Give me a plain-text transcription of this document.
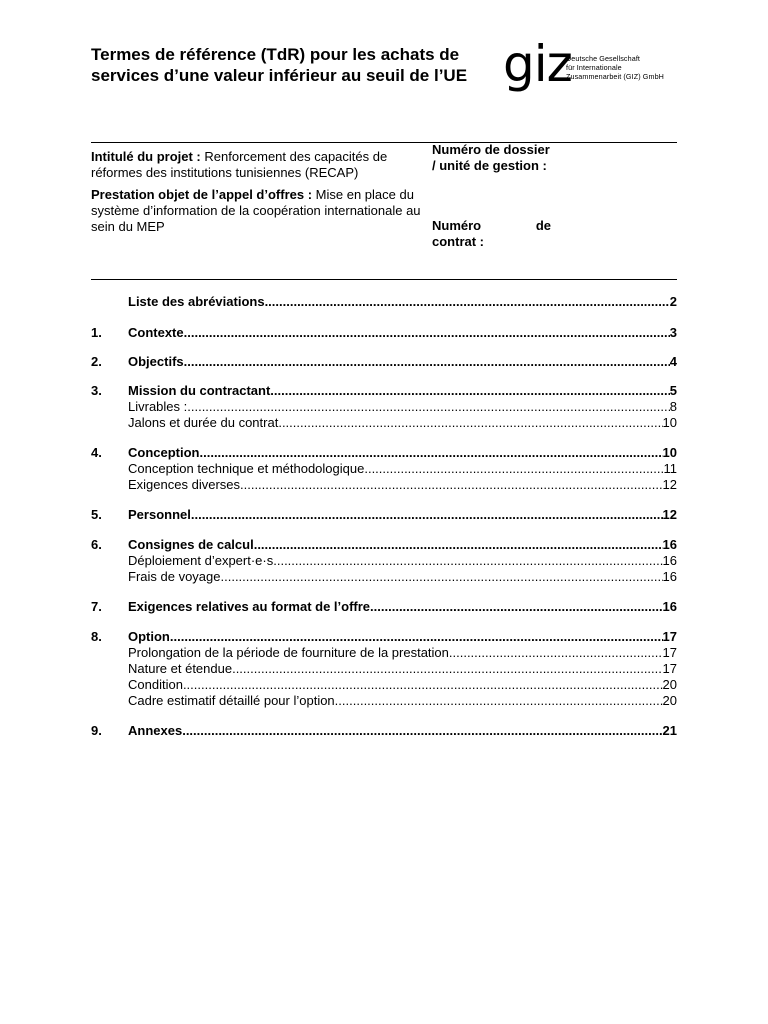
Termes de référence (TdR) pour les achats de services d’une valeur inférieur au seuil de l’UE giz
Deutsche Gesellschaft
für Internationale
Zusammenarbeit (GIZ) GmbH

Intitulé du projet : Renforcement des capacités de réformes des institutions tunisiennes (RECAP)

Prestation objet de l’appel d’offres : Mise en place du système d’information de la coopération internationale au sein du MEP

Numéro de dossier / unité de gestion :
Numéro	de

contrat :
Liste des abréviations .....	2
1.	Contexte .....	3
2.	Objectifs .....	4
3.	Mission du contractant .....	5
Livrables : .....	8
Jalons et durée du contrat .....	10
4.	Conception .....	10
Conception technique et méthodologique .....	11
Exigences diverses .....	12
5.	Personnel .....	12
6.	Consignes de calcul .....	16
Déploiement d’expert·e·s .....	16
Frais de voyage .....	16
7.	Exigences relatives au format de l’offre .....	16
8.	Option .....	17
Prolongation de la période de fourniture de la prestation .....	17
Nature et étendue .....	17
Condition .....	20
Cadre estimatif détaillé pour l’option .....	20
9.	Annexes .....	21
